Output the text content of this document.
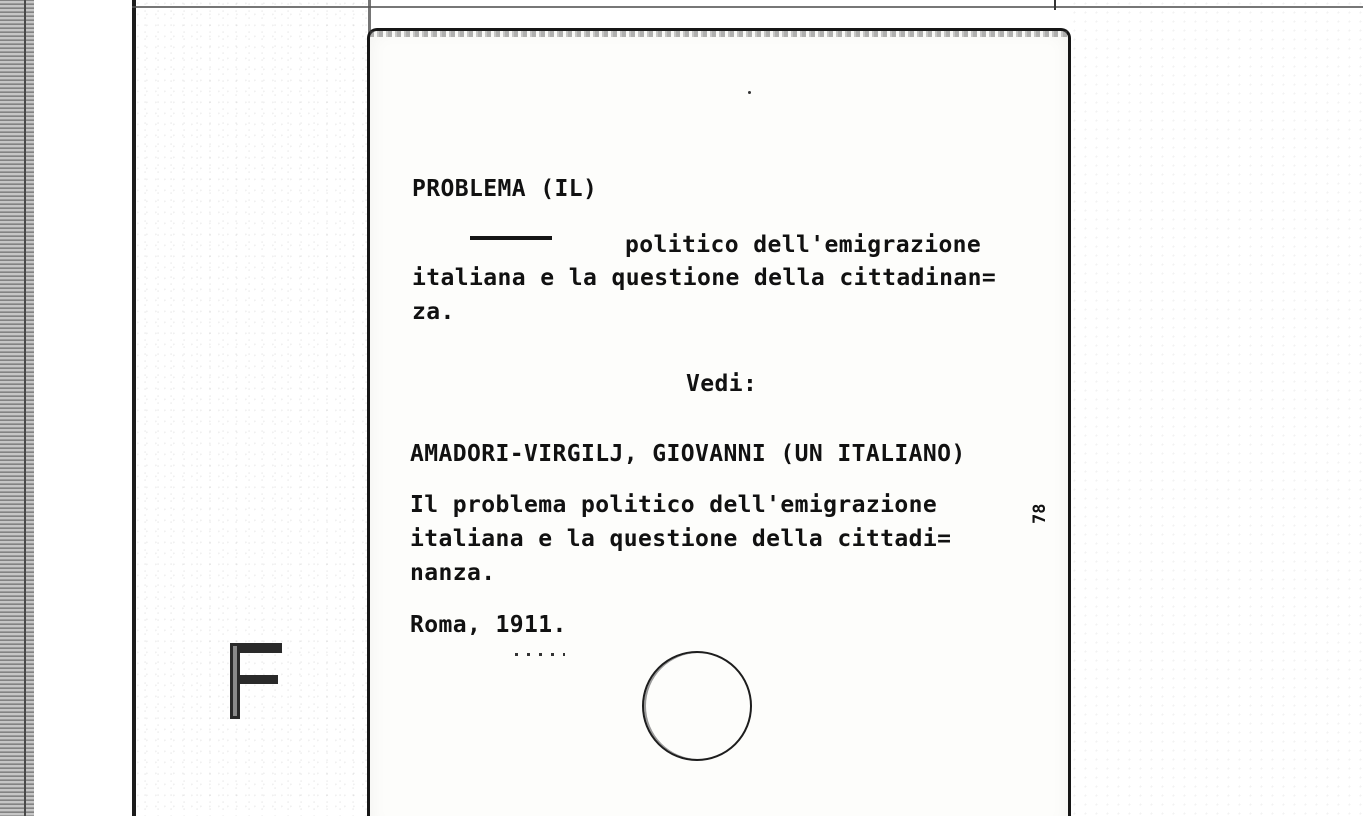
PROBLEMA (IL)
politico dell'emigrazione
italiana e la questione della cittadinan=
za.
Vedi:
AMADORI-VIRGILJ, GIOVANNI (UN ITALIANO)
Il problema politico dell'emigrazione
italiana e la questione della cittadi=
nanza.
Roma, 1911.
78
